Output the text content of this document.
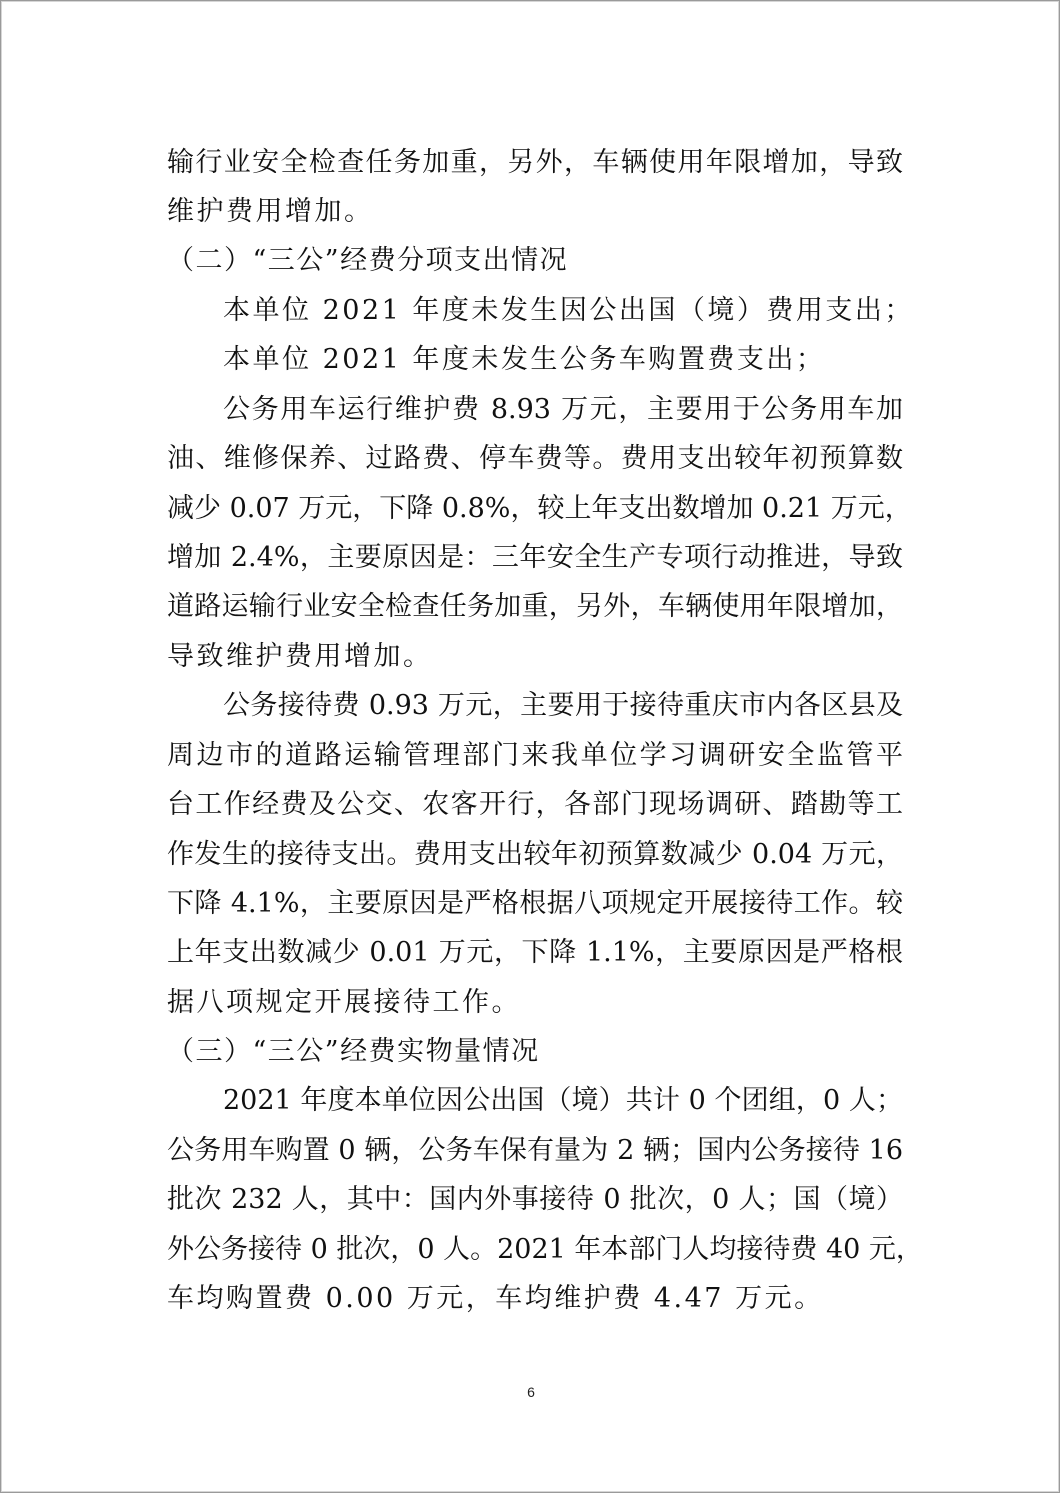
输行业安全检查任务加重，另外，车辆使用年限增加，导致
维护费用增加。
（二）“三公”经费分项支出情况
本单位 2021 年度未发生因公出国（境）费用支出；
本单位 2021 年度未发生公务车购置费支出；
公务用车运行维护费 8.93 万元，主要用于公务用车加
油、维修保养、过路费、停车费等。费用支出较年初预算数
减少 0.07 万元，下降 0.8%，较上年支出数增加 0.21 万元，
增加 2.4%，主要原因是：三年安全生产专项行动推进，导致
道路运输行业安全检查任务加重，另外，车辆使用年限增加，
导致维护费用增加。
公务接待费 0.93 万元，主要用于接待重庆市内各区县及
周边市的道路运输管理部门来我单位学习调研安全监管平
台工作经费及公交、农客开行，各部门现场调研、踏勘等工
作发生的接待支出。费用支出较年初预算数减少 0.04 万元，
下降 4.1%，主要原因是严格根据八项规定开展接待工作。较
上年支出数减少 0.01 万元，下降 1.1%，主要原因是严格根
据八项规定开展接待工作。
（三）“三公”经费实物量情况
2021 年度本单位因公出国（境）共计 0 个团组，0 人；
公务用车购置 0 辆，公务车保有量为 2 辆；国内公务接待 16
批次 232 人，其中：国内外事接待 0 批次，0 人；国（境）
外公务接待 0 批次，0 人。2021 年本部门人均接待费 40 元，
车均购置费 0.00 万元，车均维护费 4.47 万元。
6
